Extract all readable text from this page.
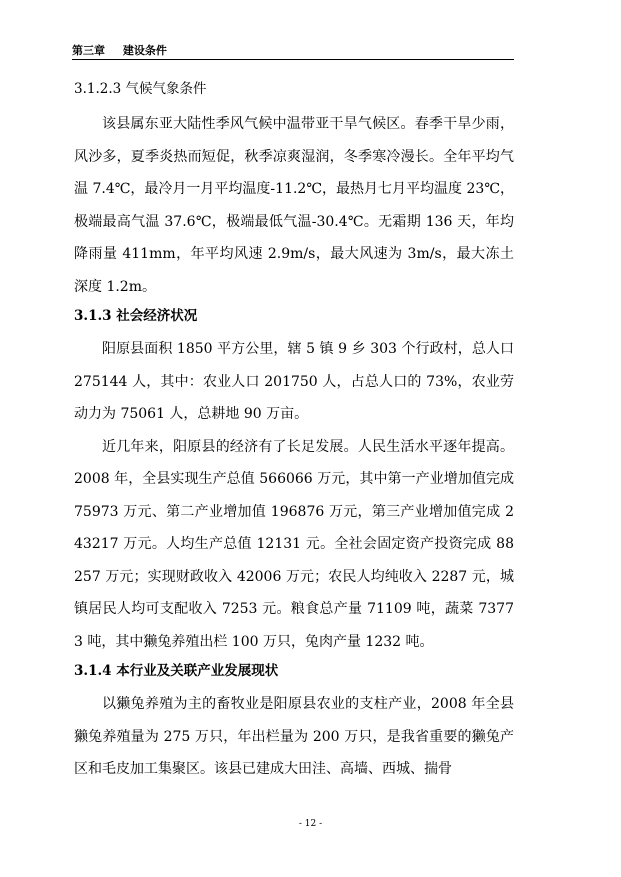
第三章 建设条件
3.1.2.3 气候气象条件

该县属东亚大陆性季风气候中温带亚干旱气候区。春季干旱少雨，风沙多，夏季炎热而短促，秋季凉爽湿润，冬季寒冷漫长。全年平均气温 7.4℃，最冷月一月平均温度-11.2℃，最热月七月平均温度 23℃，极端最高气温 37.6℃，极端最低气温-30.4℃。无霜期 136 天，年均降雨量 411mm，年平均风速 2.9m/s，最大风速为 3m/s，最大冻土深度 1.2m。

3.1.3 社会经济状况

阳原县面积 1850 平方公里，辖 5 镇 9 乡 303 个行政村，总人口 275144 人，其中：农业人口 201750 人，占总人口的 73%，农业劳动力为 75061 人，总耕地 90 万亩。

近几年来，阳原县的经济有了长足发展。人民生活水平逐年提高。2008 年，全县实现生产总值 566066 万元，其中第一产业增加值完成 75973 万元、第二产业增加值 196876 万元，第三产业增加值完成 243217 万元。人均生产总值 12131 元。全社会固定资产投资完成 88257 万元；实现财政收入 42006 万元；农民人均纯收入 2287 元，城镇居民人均可支配收入 7253 元。粮食总产量 71109 吨，蔬菜 73773 吨，其中獭兔养殖出栏 100 万只，兔肉产量 1232 吨。

3.1.4 本行业及关联产业发展现状

以獭兔养殖为主的畜牧业是阳原县农业的支柱产业，2008 年全县獭兔养殖量为 275 万只，年出栏量为 200 万只，是我省重要的獭兔产区和毛皮加工集聚区。该县已建成大田洼、高墙、西城、揣骨

- 12 -
